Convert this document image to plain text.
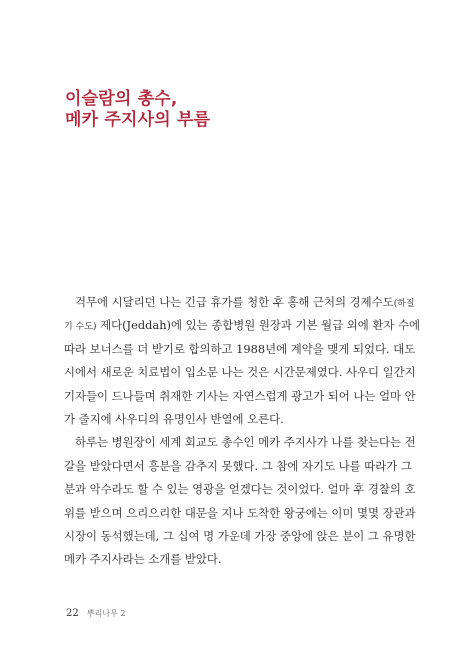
이슬람의 총수,
메카 주지사의 부름
걱무에 시달리던 나는 긴급 휴가를 청한 후 홍해 근처의 경제수도(하질
기 수도) 제다(Jeddah)에 있는 종합병원 원장과 기본 월급 외에 환자 수에
따라 보너스를 더 받기로 합의하고 1988년에 계약을 맺게 되었다. 대도
시에서 새로운 치료법이 입소문 나는 것은 시간문제였다. 사우디 일간지
기자들이 드나들며 취재한 기사는 자연스럽게 광고가 되어 나는 얼마 안
가 줄지에 사우디의 유명인사 반열에 오른다.
하루는 병원장이 세계 회교도 총수인 메카 주지사가 나를 찾는다는 전
갈을 받았다면서 흥분을 감추지 못했다. 그 참에 자기도 나를 따라가 그
분과 악수라도 할 수 있는 영광을 얻겠다는 것이었다. 얼마 후 경찰의 호
위를 받으며 으리으리한 대문을 지나 도착한 왕궁에는 이미 몇몇 장관과
시장이 동석했는데, 그 십여 명 가운데 가장 중앙에 앉은 분이 그 유명한
메카 주지사라는 소개를 받았다.
22 뿌리나무 2
